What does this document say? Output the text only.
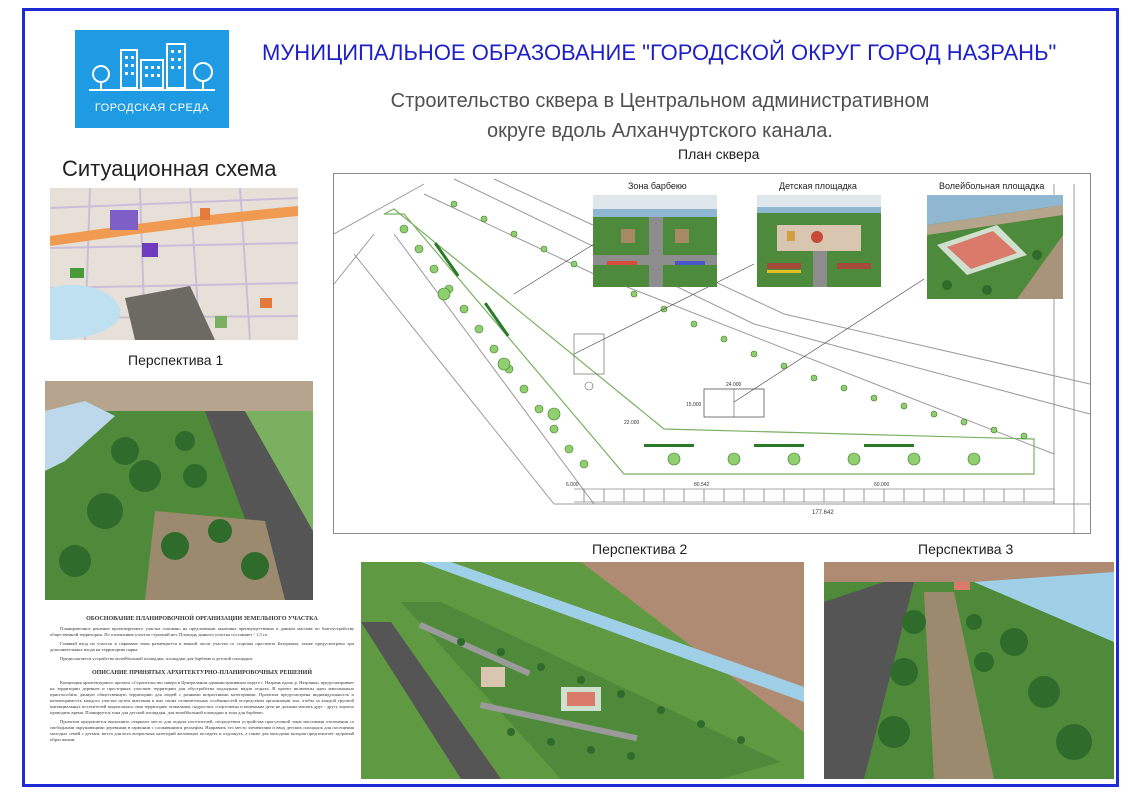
ГОРОДСКАЯ СРЕДА
МУНИЦИПАЛЬНОЕ ОБРАЗОВАНИЕ "ГОРОДСКОЙ ОКРУГ ГОРОД НАЗРАНЬ"
Строительство сквера в Центральном административном
округе вдоль Алханчуртского канала.
Ситуационная схема
Перспектива 1
ОБОСНОВАНИЕ ПЛАНИРОВОЧНОЙ ОРГАНИЗАЦИИ ЗЕМЕЛЬНОГО УЧАСТКА

Планировочное решение проектируемого участка основано на предложении заказчика преимущественно в данном массиве по благоустройству общественной территории. По отношению участок строений нет. Площадь данного участка составляет - 1,5 га.

Главный вход на участок и парковые зоны размещается в южной части участка со стороны проспекта Базоркина, также предусмотрено три дополнительных входа на территорию парка.

Предполагается устройство волейбольной площадки, площадки для барбекю и детской площадки.

ОПИСАНИЕ ПРИНЯТЫХ АРХИТЕКТУРНО-ПЛАНИРОВОЧНЫХ РЕШЕНИЙ

Концепция архитектурного проекта «Строительство сквера в Центральном административном округе г. Назрань вдоль р. Назранка» предусматривает на территории деревьев и просторных участков территории для обустройства подходных видов отдыха. В проект включены идеи максимально приспособить данную общественную территорию для людей с разными возрастными категориями. Проектом предусмотрена индивидуальность и неповторимость каждого участка путем внесения в них своих отличительных особенностей посредством организации зон, чтобы за каждой группой интенциальных посетителей закреплялась своя территория: пожилыми, подростки, спортсмены и маленькие дети не должны мешать друг - другу хорошо проводить время. Планируется зона для детской площадки, для волейбольной площадки и зона для барбекю.

Проектом предлагается выполнить открытое место для отдыха посетителей, посредством устройства прогулочной зоны массивами озеленения со свободными окружающими деревьями в гармонии с сложившимся рельефом. Направить это место элементами и ввод детских площадок для посещения молодых семей с детьми, места для всех возрастных категорий желающих посидеть и отдохнуть, а также для молодежи которая предпочитает здоровый образ жизни.

План сквера
177.642
80.542	60.000
24.000
15.000
6.000
22.000
Зона барбекю	Детская площадка	Волейбольная площадка
Перспектива 2	Перспектива 3
